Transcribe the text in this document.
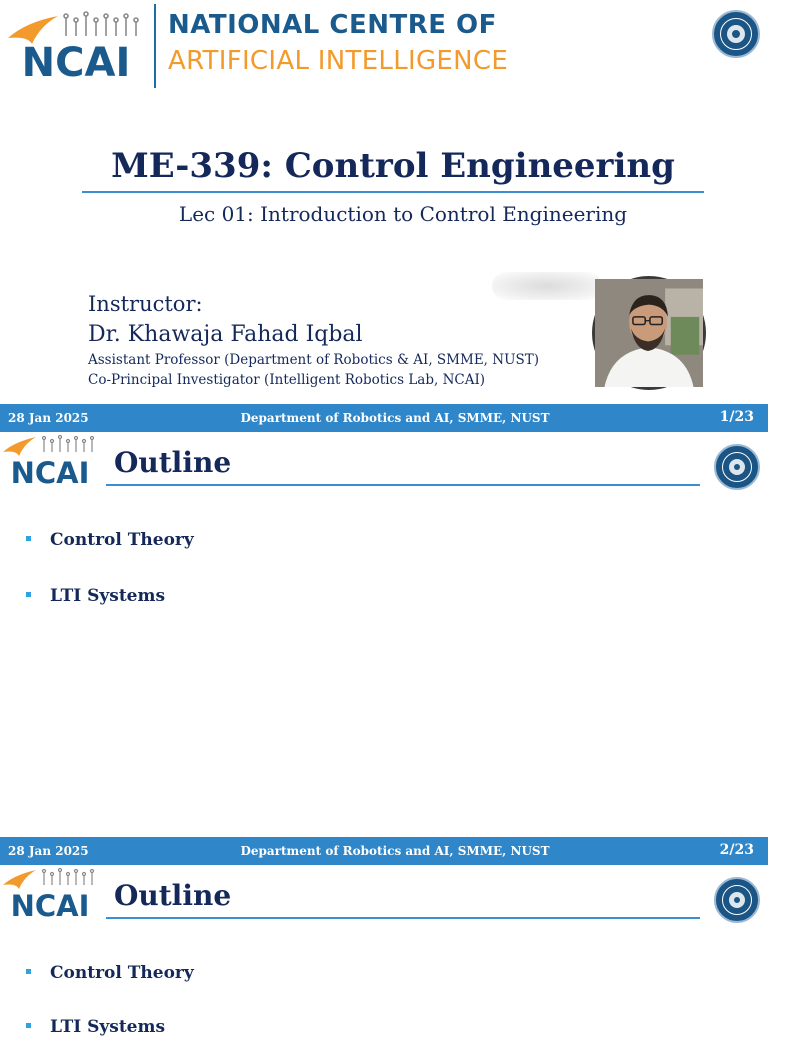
NCAI
NATIONAL CENTRE OF
ARTIFICIAL INTELLIGENCE
ME-339: Control Engineering
Lec 01: Introduction to Control Engineering
Instructor:
Dr. Khawaja Fahad Iqbal
Assistant Professor (Department of Robotics & AI, SMME, NUST)
Co-Principal Investigator (Intelligent Robotics Lab, NCAI)
28 Jan 2025	Department of Robotics and AI, SMME, NUST	1/23
NCAI Outline
Control Theory
LTI Systems
28 Jan 2025	Department of Robotics and AI, SMME, NUST	2/23
NCAI Outline
Control Theory
LTI Systems
